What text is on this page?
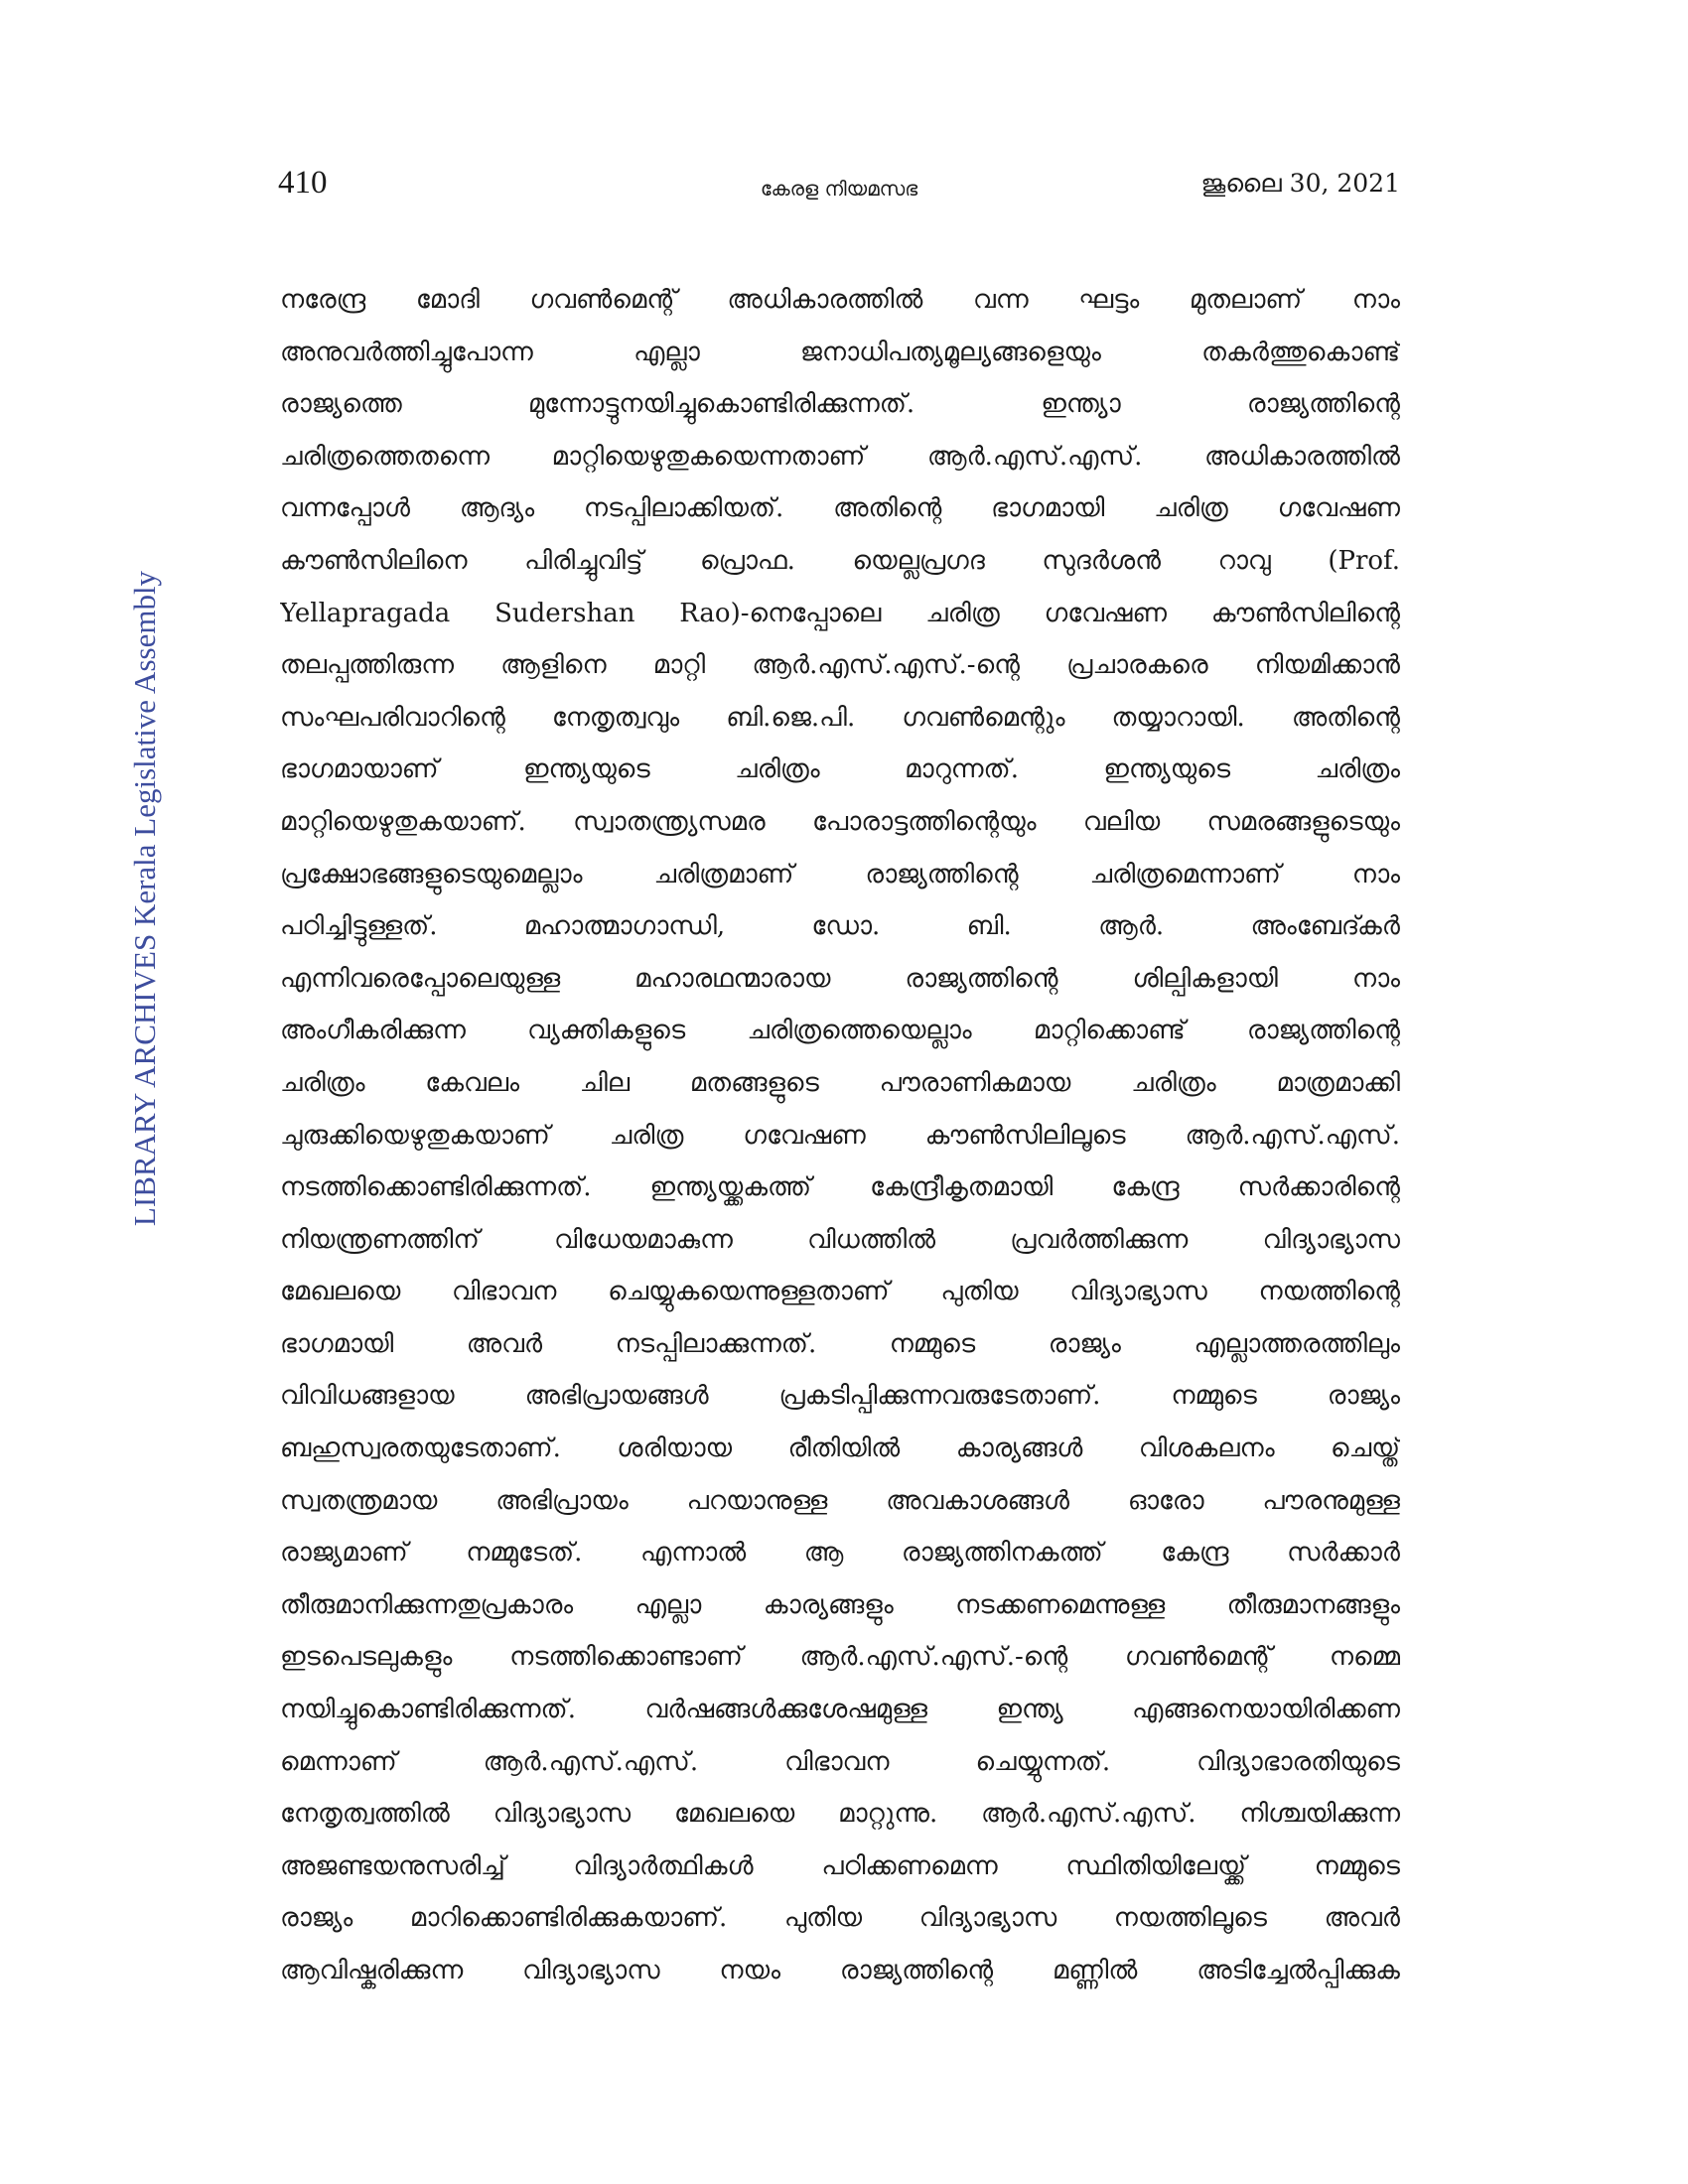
410	കേരള നിയമസഭ	ജൂലൈ 30, 2021
LIBRARY ARCHIVES Kerala Legislative Assembly
നരേന്ദ്ര മോദി ഗവൺമെന്റ് അധികാരത്തിൽ വന്ന ഘട്ടം മുതലാണ് നാം
അനുവർത്തിച്ചുപോന്ന എല്ലാ ജനാധിപത്യമൂല്യങ്ങളെയും തകർത്തുകൊണ്ട്
രാജ്യത്തെ മുന്നോട്ടുനയിച്ചുകൊണ്ടിരിക്കുന്നത്. ഇന്ത്യാ രാജ്യത്തിന്റെ
ചരിത്രത്തെതന്നെ മാറ്റിയെഴുതുകയെന്നതാണ് ആർ.എസ്.എസ്. അധികാരത്തിൽ
വന്നപ്പോൾ ആദ്യം നടപ്പിലാക്കിയത്. അതിന്റെ ഭാഗമായി ചരിത്ര ഗവേഷണ
കൗൺസിലിനെ പിരിച്ചുവിട്ട് പ്രൊഫ. യെല്ലപ്രഗദ സുദർശൻ റാവു (Prof.
Yellapragada Sudershan Rao)-നെപ്പോലെ ചരിത്ര ഗവേഷണ കൗൺസിലിന്റെ
തലപ്പത്തിരുന്ന ആളിനെ മാറ്റി ആർ.എസ്.എസ്.-ന്റെ പ്രചാരകരെ നിയമിക്കാൻ
സംഘപരിവാറിന്റെ നേതൃത്വവും ബി.ജെ.പി. ഗവൺമെന്റും തയ്യാറായി. അതിന്റെ
ഭാഗമായാണ് ഇന്ത്യയുടെ ചരിത്രം മാറുന്നത്. ഇന്ത്യയുടെ ചരിത്രം
മാറ്റിയെഴുതുകയാണ്. സ്വാതന്ത്ര്യസമര പോരാട്ടത്തിന്റെയും വലിയ സമരങ്ങളുടെയും
പ്രക്ഷോഭങ്ങളുടെയുമെല്ലാം ചരിത്രമാണ് രാജ്യത്തിന്റെ ചരിത്രമെന്നാണ് നാം
പഠിച്ചിട്ടുള്ളത്. മഹാത്മാഗാന്ധി, ഡോ. ബി. ആർ. അംബേദ്കർ
എന്നിവരെപ്പോലെയുള്ള മഹാരഥന്മാരായ രാജ്യത്തിന്റെ ശില്പികളായി നാം
അംഗീകരിക്കുന്ന വ്യക്തികളുടെ ചരിത്രത്തെയെല്ലാം മാറ്റിക്കൊണ്ട് രാജ്യത്തിന്റെ
ചരിത്രം കേവലം ചില മതങ്ങളുടെ പൗരാണികമായ ചരിത്രം മാത്രമാക്കി
ചുരുക്കിയെഴുതുകയാണ് ചരിത്ര ഗവേഷണ കൗൺസിലിലൂടെ ആർ.എസ്.എസ്.
നടത്തിക്കൊണ്ടിരിക്കുന്നത്. ഇന്ത്യയ്ക്കകത്ത് കേന്ദ്രീകൃതമായി കേന്ദ്ര സർക്കാരിന്റെ
നിയന്ത്രണത്തിന് വിധേയമാകുന്ന വിധത്തിൽ പ്രവർത്തിക്കുന്ന വിദ്യാഭ്യാസ
മേഖലയെ വിഭാവന ചെയ്യുകയെന്നുള്ളതാണ് പുതിയ വിദ്യാഭ്യാസ നയത്തിന്റെ
ഭാഗമായി അവർ നടപ്പിലാക്കുന്നത്. നമ്മുടെ രാജ്യം എല്ലാത്തരത്തിലും
വിവിധങ്ങളായ അഭിപ്രായങ്ങൾ പ്രകടിപ്പിക്കുന്നവരുടേതാണ്. നമ്മുടെ രാജ്യം
ബഹുസ്വരതയുടേതാണ്. ശരിയായ രീതിയിൽ കാര്യങ്ങൾ വിശകലനം ചെയ്ത്
സ്വതന്ത്രമായ അഭിപ്രായം പറയാനുള്ള അവകാശങ്ങൾ ഓരോ പൗരനുമുള്ള
രാജ്യമാണ് നമ്മുടേത്. എന്നാൽ ആ രാജ്യത്തിനകത്ത് കേന്ദ്ര സർക്കാർ
തീരുമാനിക്കുന്നതുപ്രകാരം എല്ലാ കാര്യങ്ങളും നടക്കണമെന്നുള്ള തീരുമാനങ്ങളും
ഇടപെടലുകളും നടത്തിക്കൊണ്ടാണ് ആർ.എസ്.എസ്.-ന്റെ ഗവൺമെന്റ് നമ്മെ
നയിച്ചുകൊണ്ടിരിക്കുന്നത്. വർഷങ്ങൾക്കുശേഷമുള്ള ഇന്ത്യ എങ്ങനെയായിരിക്കണ
മെന്നാണ് ആർ.എസ്.എസ്. വിഭാവന ചെയ്യുന്നത്. വിദ്യാഭാരതിയുടെ
നേതൃത്വത്തിൽ വിദ്യാഭ്യാസ മേഖലയെ മാറ്റുന്നു. ആർ.എസ്.എസ്. നിശ്ചയിക്കുന്ന
അജണ്ടയനുസരിച്ച് വിദ്യാർത്ഥികൾ പഠിക്കണമെന്ന സ്ഥിതിയിലേയ്ക്ക് നമ്മുടെ
രാജ്യം മാറിക്കൊണ്ടിരിക്കുകയാണ്. പുതിയ വിദ്യാഭ്യാസ നയത്തിലൂടെ അവർ
ആവിഷ്കരിക്കുന്ന വിദ്യാഭ്യാസ നയം രാജ്യത്തിന്റെ മണ്ണിൽ അടിച്ചേൽപ്പിക്കുക
